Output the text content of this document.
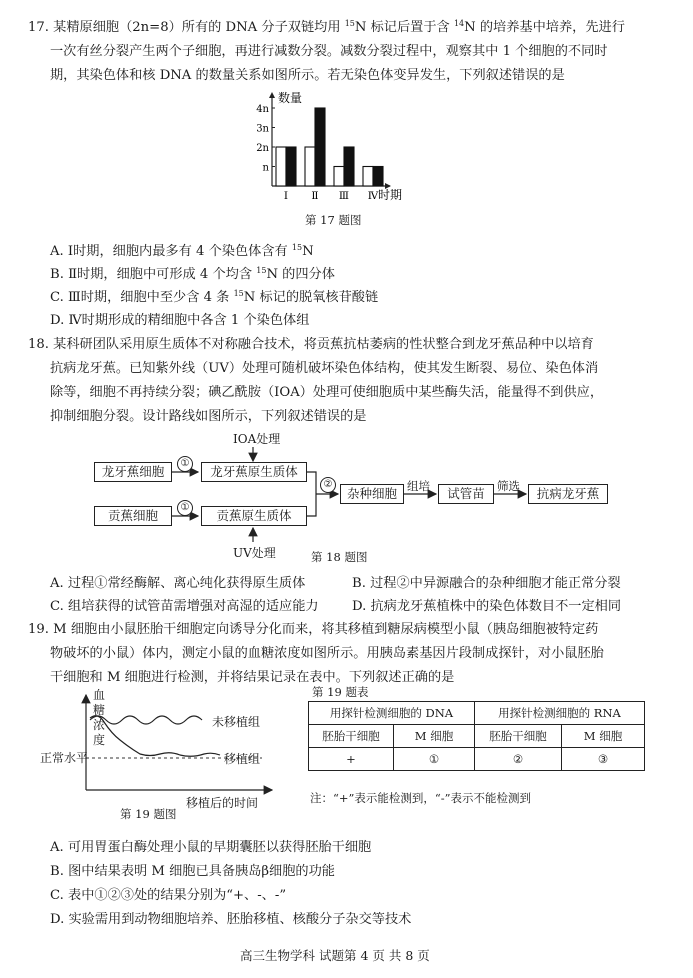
17. 某精原细胞（2n=8）所有的 DNA 分子双链均用 $^{15}$N 标记后置于含 $^{14}$N 的培养基中培养，先进行
一次有丝分裂产生两个子细胞，再进行减数分裂。减数分裂过程中，观察其中 1 个细胞的不同时
期，其染色体和核 DNA 的数量关系如图所示。若无染色体变异发生，下列叙述错误的是
n
2n
3n
4n
数量
Ⅰ Ⅱ Ⅲ Ⅳ 时期
第 17 题图
A. Ⅰ时期，细胞内最多有 4 个染色体含有 $^{15}$N
B. Ⅱ时期，细胞中可形成 4 个均含 $^{15}$N 的四分体
C. Ⅲ时期，细胞中至少含 4 条 $^{15}$N 标记的脱氧核苷酸链
D. Ⅳ时期形成的精细胞中各含 1 个染色体组
18. 某科研团队采用原生质体不对称融合技术，将贡蕉抗枯萎病的性状整合到龙牙蕉品种中以培育
抗病龙牙蕉。已知紫外线（UV）处理可随机破坏染色体结构，使其发生断裂、易位、染色体消
除等，细胞不再持续分裂；碘乙酰胺（IOA）处理可使细胞质中某些酶失活，能量得不到供应，
抑制细胞分裂。设计路线如图所示，下列叙述错误的是
IOA处理
UV处理
龙牙蕉细胞	龙牙蕉原生质体
贡蕉细胞	贡蕉原生质体
杂种细胞	试管苗	抗病龙牙蕉
①
①
②	组培	筛选
第 18 题图
A. 过程①常经酶解、离心纯化获得原生质体	B. 过程②中异源融合的杂种细胞才能正常分裂
C. 组培获得的试管苗需增强对高湿的适应能力	D. 抗病龙牙蕉植株中的染色体数目不一定相同
19. M 细胞由小鼠胚胎干细胞定向诱导分化而来，将其移植到糖尿病模型小鼠（胰岛细胞被特定药
物破坏的小鼠）体内，测定小鼠的血糖浓度如图所示。用胰岛素基因片段制成探针，对小鼠胚胎
干细胞和 M 细胞进行检测，并将结果记录在表中。下列叙述正确的是
血
糖
浓
度
正常水平
未移植组
移植组
移植后的时间
第 19 题图
第 19 题表
用探针检测细胞的 DNA		用探针检测细胞的 RNA	
胚胎干细胞	M 细胞	胚胎干细胞	M 细胞
+	①	②	③
注：“+”表示能检测到，“-”表示不能检测到
A. 可用胃蛋白酶处理小鼠的早期囊胚以获得胚胎干细胞
B. 图中结果表明 M 细胞已具备胰岛β细胞的功能
C. 表中①②③处的结果分别为“+、-、-”
D. 实验需用到动物细胞培养、胚胎移植、核酸分子杂交等技术
高三生物学科 试题第 4 页 共 8 页
